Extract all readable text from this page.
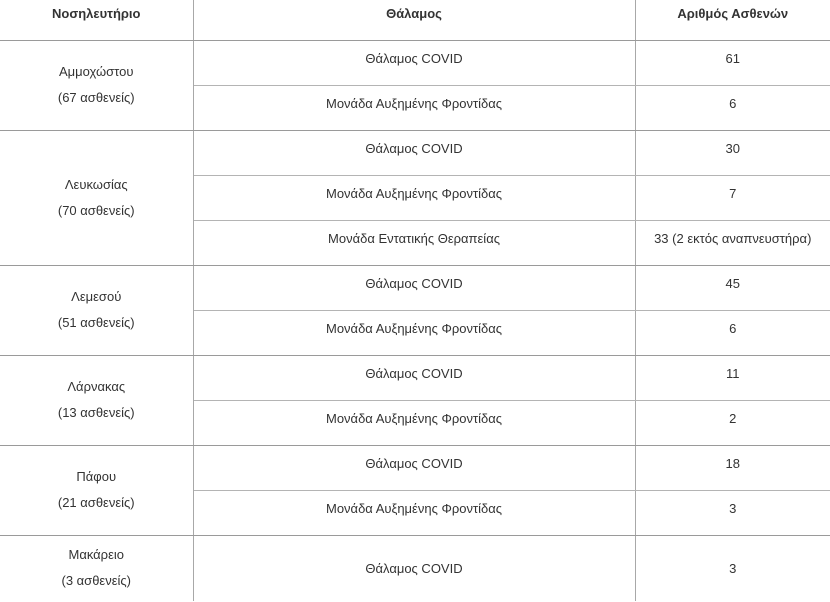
Νοσηλευτήριο	Θάλαμος	Αριθμός Ασθενών

Αμμοχώστου
(67 ασθενείς)	Θάλαμος COVID	61
	Μονάδα Αυξημένης Φροντίδας	6

Λευκωσίας
(70 ασθενείς)	Θάλαμος COVID	30
	Μονάδα Αυξημένης Φροντίδας	7
	Μονάδα Εντατικής Θεραπείας	33 (2 εκτός αναπνευστήρα)

Λεμεσού
(51 ασθενείς)	Θάλαμος COVID	45
	Μονάδα Αυξημένης Φροντίδας	6

Λάρνακας
(13 ασθενείς)	Θάλαμος COVID	11
	Μονάδα Αυξημένης Φροντίδας	2

Πάφου
(21 ασθενείς)	Θάλαμος COVID	18
	Μονάδα Αυξημένης Φροντίδας	3

Μακάρειο
(3 ασθενείς)	Θάλαμος COVID	3
